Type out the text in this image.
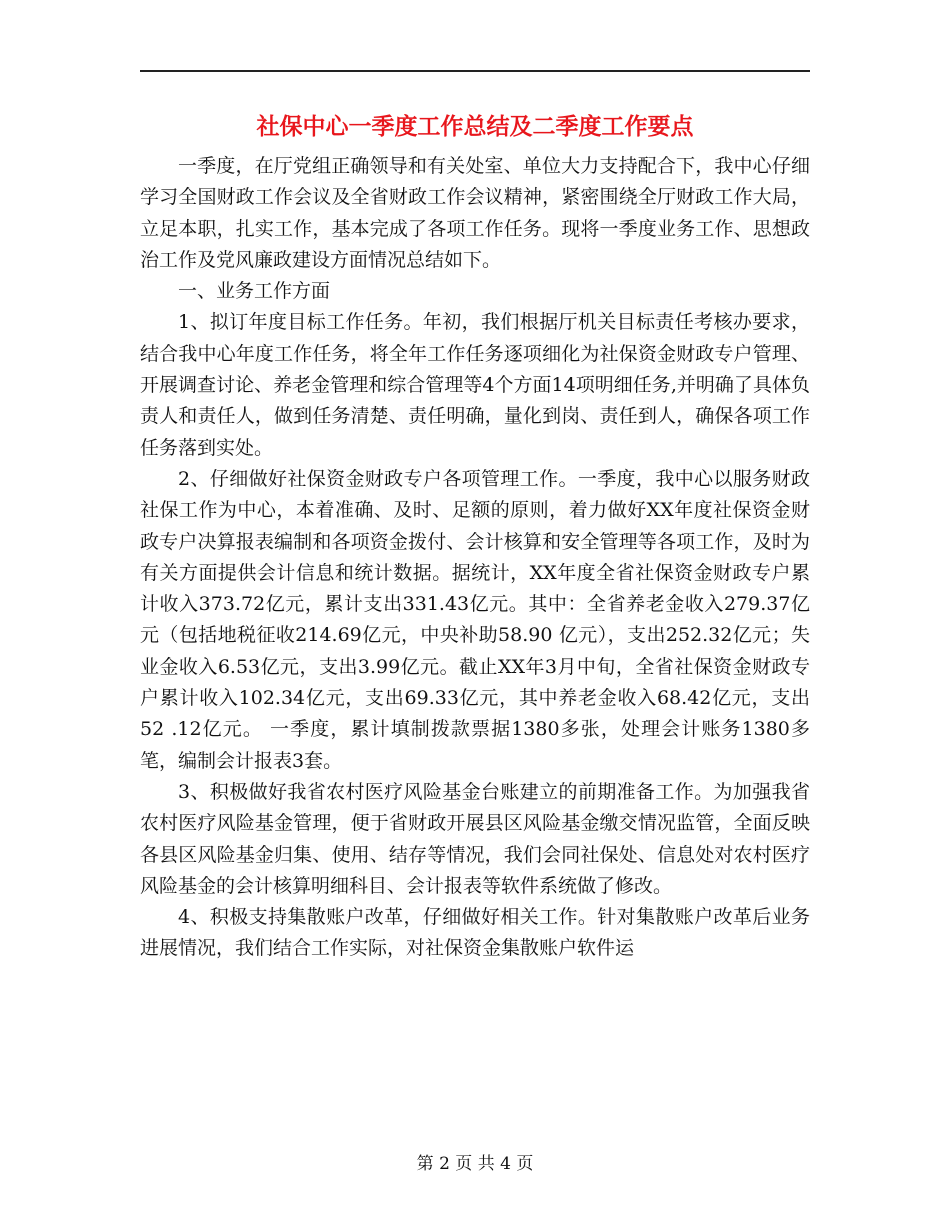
社保中心一季度工作总结及二季度工作要点

一季度，在厅党组正确领导和有关处室、单位大力支持配合下，我中心仔细学习全国财政工作会议及全省财政工作会议精神，紧密围绕全厅财政工作大局，立足本职，扎实工作，基本完成了各项工作任务。现将一季度业务工作、思想政治工作及党风廉政建设方面情况总结如下。

一、业务工作方面

1、拟订年度目标工作任务。年初，我们根据厅机关目标责任考核办要求，结合我中心年度工作任务，将全年工作任务逐项细化为社保资金财政专户管理、开展调查讨论、养老金管理和综合管理等4个方面14项明细任务,并明确了具体负责人和责任人，做到任务清楚、责任明确，量化到岗、责任到人，确保各项工作任务落到实处。

2、仔细做好社保资金财政专户各项管理工作。一季度，我中心以服务财政社保工作为中心，本着准确、及时、足额的原则，着力做好XX年度社保资金财政专户决算报表编制和各项资金拨付、会计核算和安全管理等各项工作，及时为有关方面提供会计信息和统计数据。据统计，XX年度全省社保资金财政专户累计收入373.72亿元，累计支出331.43亿元。其中：全省养老金收入279.37亿元（包括地税征收214.69亿元，中央补助58.90 亿元），支出252.32亿元；失业金收入6.53亿元，支出3.99亿元。截止XX年3月中旬，全省社保资金财政专户累计收入102.34亿元，支出69.33亿元，其中养老金收入68.42亿元，支出52 .12亿元。 一季度，累计填制拨款票据1380多张，处理会计账务1380多笔，编制会计报表3套。

3、积极做好我省农村医疗风险基金台账建立的前期准备工作。为加强我省农村医疗风险基金管理，便于省财政开展县区风险基金缴交情况监管，全面反映各县区风险基金归集、使用、结存等情况，我们会同社保处、信息处对农村医疗风险基金的会计核算明细科目、会计报表等软件系统做了修改。

4、积极支持集散账户改革，仔细做好相关工作。针对集散账户改革后业务进展情况，我们结合工作实际，对社保资金集散账户软件运

第 2 页 共 4 页
